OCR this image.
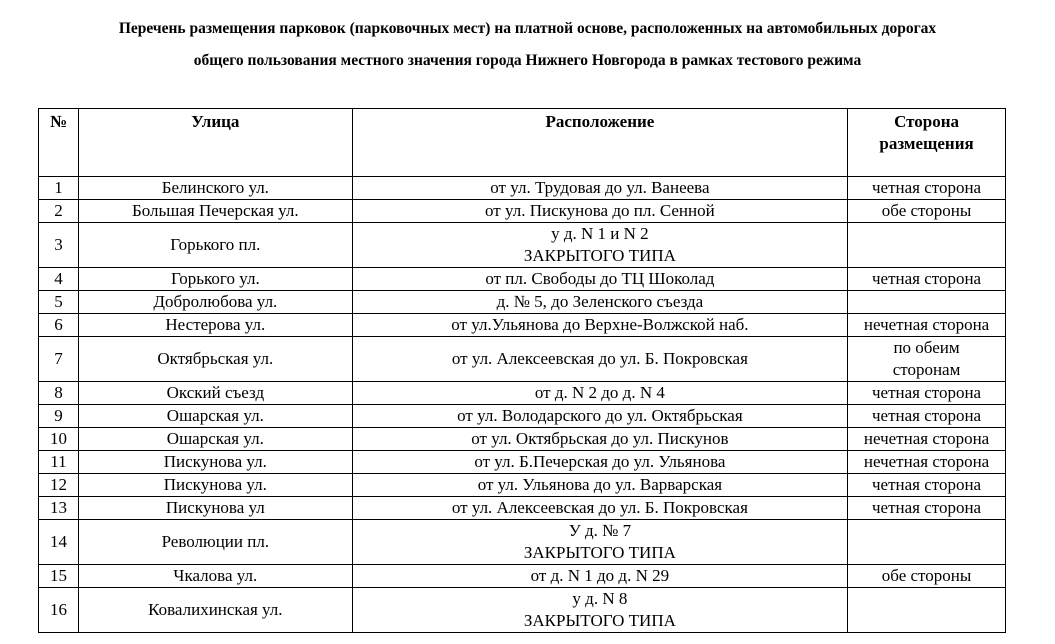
Перечень размещения парковок (парковочных мест) на платной основе, расположенных на автомобильных дорогах
общего пользования местного значения города Нижнего Новгорода в рамках тестового режима
№	Улица	Расположение	Сторона
размещения

1	Белинского ул.	от ул. Трудовая до ул. Ванеева	четная сторона

2	Большая Печерская ул.	от ул. Пискунова до пл. Сенной	обе стороны

3	Горького пл.	у д. N 1 и N 2
ЗАКРЫТОГО ТИПА	

4	Горького ул.	от пл. Свободы до ТЦ Шоколад	четная сторона

5	Добролюбова ул.	д. № 5, до Зеленского съезда	

6	Нестерова ул.	от ул.Ульянова до Верхне-Волжской наб.	нечетная сторона

7	Октябрьская ул.	от ул. Алексеевская до ул. Б. Покровская	по обеим
сторонам

8	Окский съезд	от д. N 2 до д. N 4	четная сторона

9	Ошарская ул.	от ул. Володарского до ул. Октябрьская	четная сторона

10	Ошарская ул.	от ул. Октябрьская до ул. Пискунов	нечетная сторона

11	Пискунова ул.	от ул. Б.Печерская до ул. Ульянова	нечетная сторона

12	Пискунова ул.	от ул. Ульянова до ул. Варварская	четная сторона

13	Пискунова ул	от ул. Алексеевская до ул. Б. Покровская	четная сторона

14	Революции пл.	У д. № 7
ЗАКРЫТОГО ТИПА	

15	Чкалова ул.	от д. N 1 до д. N 29	обе стороны

16	Ковалихинская ул.	у д. N 8
ЗАКРЫТОГО ТИПА	
